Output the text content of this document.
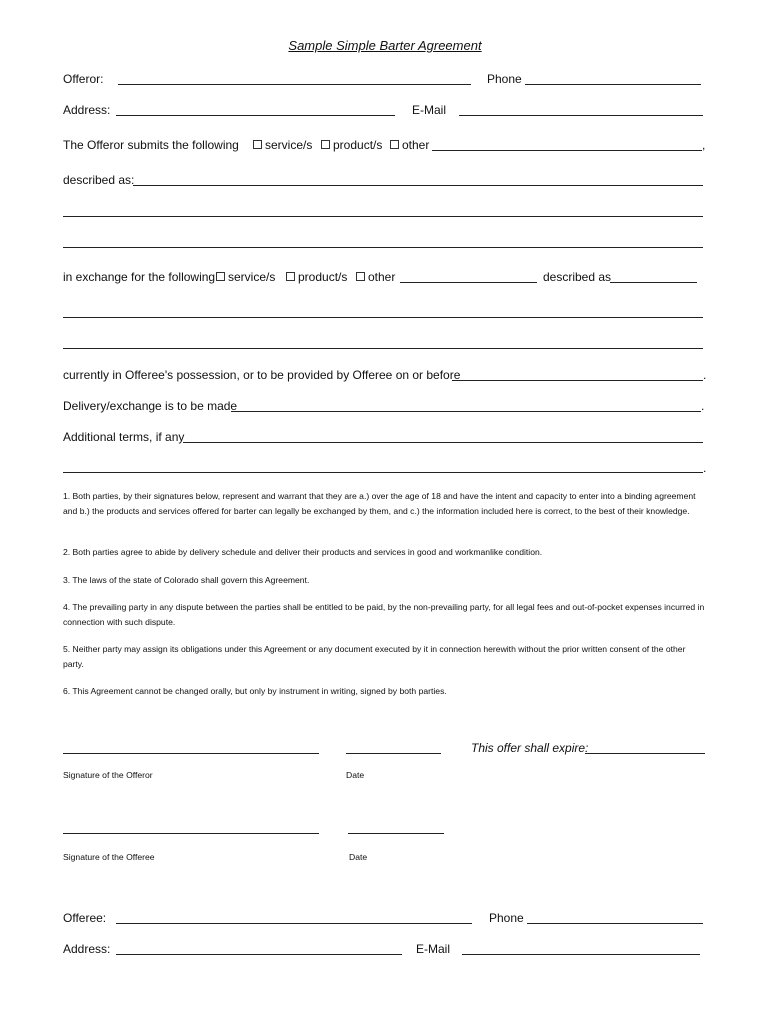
Sample Simple Barter Agreement
Offeror:	Phone
Address:	E-Mail
The Offeror submits the following	service/s	product/s	other	,
described as:
in exchange for the following	service/s	product/s	other	described as
currently in Offeree's possession, or to be provided by Offeree on or before	.
Delivery/exchange is to be made	.
Additional terms, if any
.
1. Both parties, by their signatures below, represent and warrant that they are a.) over the age of 18 and have the intent and capacity to enter into a binding agreement and b.) the products and services offered for barter can legally be exchanged by them, and c.) the information included here is correct, to the best of their knowledge.
2. Both parties agree to abide by delivery schedule and deliver their products and services in good and workmanlike condition.
3. The laws of the state of Colorado shall govern this Agreement.
4. The prevailing party in any dispute between the parties shall be entitled to be paid, by the non-prevailing party, for all legal fees and out-of-pocket expenses incurred in connection with such dispute.
5. Neither party may assign its obligations under this Agreement or any document executed by it in connection herewith without the prior written consent of the other party.
6. This Agreement cannot be changed orally, but only by instrument in writing, signed by both parties.
This offer shall expire:
Signature of the Offeror	Date
Signature of the Offeree	Date
Offeree:	Phone
Address:	E-Mail
